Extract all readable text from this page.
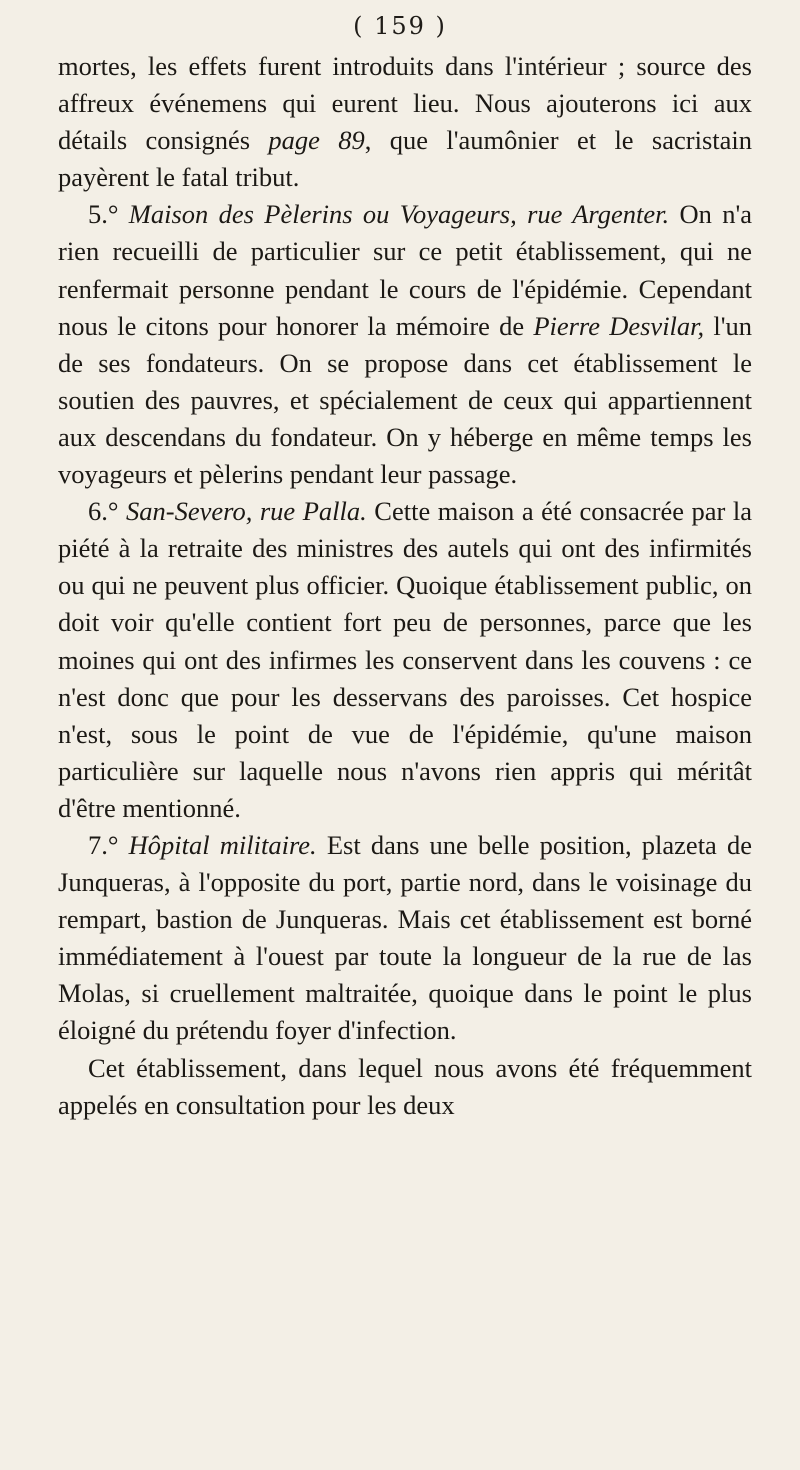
( 159 )

mortes, les effets furent introduits dans l'intérieur ; source des affreux événemens qui eurent lieu. Nous ajouterons ici aux détails consignés page 89, que l'aumônier et le sacristain payèrent le fatal tribut.

5.° Maison des Pèlerins ou Voyageurs, rue Argenter. On n'a rien recueilli de particulier sur ce petit établissement, qui ne renfermait personne pendant le cours de l'épidémie. Cependant nous le citons pour honorer la mémoire de Pierre Desvilar, l'un de ses fondateurs. On se propose dans cet établissement le soutien des pauvres, et spécialement de ceux qui appartiennent aux descendans du fondateur. On y héberge en même temps les voyageurs et pèlerins pendant leur passage.

6.° San-Severo, rue Palla. Cette maison a été consacrée par la piété à la retraite des ministres des autels qui ont des infirmités ou qui ne peuvent plus officier. Quoique établissement public, on doit voir qu'elle contient fort peu de personnes, parce que les moines qui ont des infirmes les conservent dans les couvens : ce n'est donc que pour les desservans des paroisses. Cet hospice n'est, sous le point de vue de l'épidémie, qu'une maison particulière sur laquelle nous n'avons rien appris qui méritât d'être mentionné.

7.° Hôpital militaire. Est dans une belle position, plazeta de Junqueras, à l'opposite du port, partie nord, dans le voisinage du rempart, bastion de Junqueras. Mais cet établissement est borné immédiatement à l'ouest par toute la longueur de la rue de las Molas, si cruellement maltraitée, quoique dans le point le plus éloigné du prétendu foyer d'infection.

Cet établissement, dans lequel nous avons été fréquemment appelés en consultation pour les deux
